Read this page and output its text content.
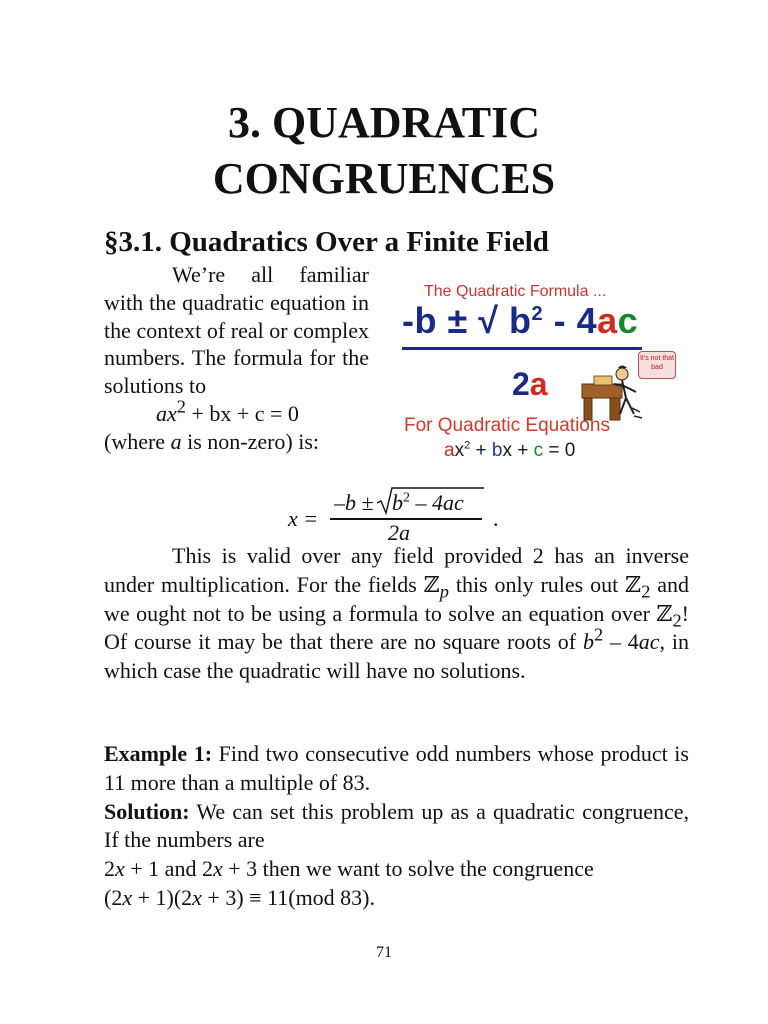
3. QUADRATIC
CONGRUENCES
§3.1. Quadratics Over a Finite Field
We’re all familiar with the quadratic equation in the context of real or complex numbers. The formula for the solutions to
$ax^2$ + bx + c = 0
(where a is non-zero) is:
The Quadratic Formula ...
-b ± √ $b^2 - 4ac$
2a
It's not that bad
For Quadratic Equations
$ax^2$ + bx + c = 0
x =
$-b \pm b^2 - 4ac$
2a
.
This is valid over any field provided 2 has an inverse under multiplication. For the fields ℤ$_p$ this only rules out ℤ$_2$ and we ought not to be using a formula to solve an equation over ℤ$_2$! Of course it may be that there are no square roots of $b^2 - 4ac$, in which case the quadratic will have no solutions.

Example 1: Find two consecutive odd numbers whose product is 11 more than a multiple of 83.

Solution: We can set this problem up as a quadratic congruence, If the numbers are

2x + 1 and 2x + 3 then we want to solve the congruence

(2x + 1)(2x + 3) ≡ 11(mod 83).

71
